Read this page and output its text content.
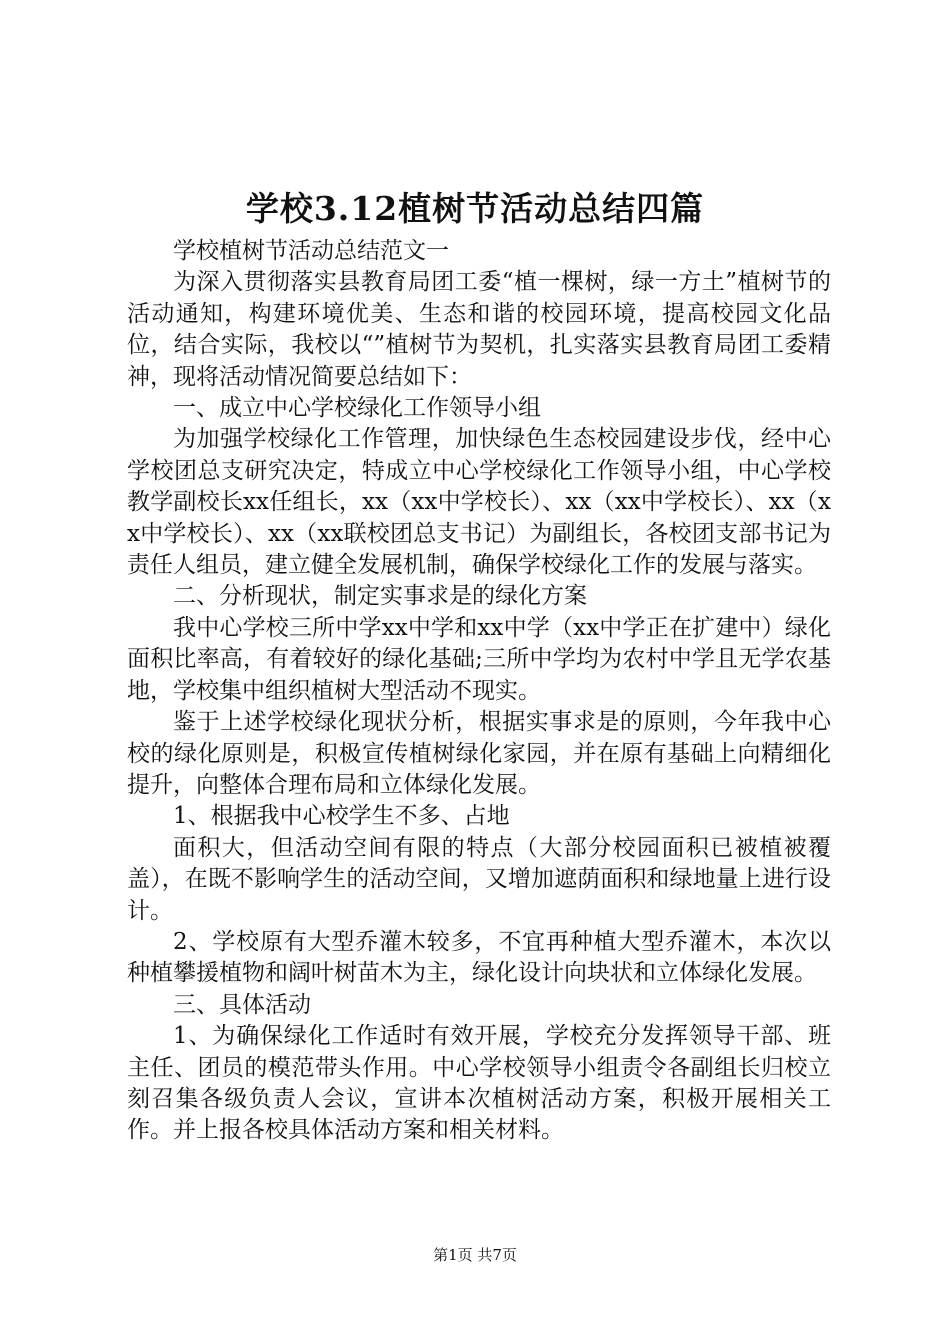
学校3.12植树节活动总结四篇

学校植树节活动总结范文一

为深入贯彻落实县教育局团工委“植一棵树，绿一方土”植树节的活动通知，构建环境优美、生态和谐的校园环境，提高校园文化品位，结合实际，我校以“”植树节为契机，扎实落实县教育局团工委精神，现将活动情况简要总结如下：

一、成立中心学校绿化工作领导小组

为加强学校绿化工作管理，加快绿色生态校园建设步伐，经中心学校团总支研究决定，特成立中心学校绿化工作领导小组，中心学校教学副校长xx任组长，xx（xx中学校长）、xx（xx中学校长）、xx（xx中学校长）、xx（xx联校团总支书记）为副组长，各校团支部书记为责任人组员，建立健全发展机制，确保学校绿化工作的发展与落实。

二、分析现状，制定实事求是的绿化方案

我中心学校三所中学xx中学和xx中学（xx中学正在扩建中）绿化面积比率高，有着较好的绿化基础;三所中学均为农村中学且无学农基地，学校集中组织植树大型活动不现实。

鉴于上述学校绿化现状分析，根据实事求是的原则，今年我中心校的绿化原则是，积极宣传植树绿化家园，并在原有基础上向精细化提升，向整体合理布局和立体绿化发展。

1、根据我中心校学生不多、占地

面积大，但活动空间有限的特点（大部分校园面积已被植被覆盖），在既不影响学生的活动空间，又增加遮荫面积和绿地量上进行设计。

2、学校原有大型乔灌木较多，不宜再种植大型乔灌木，本次以种植攀援植物和阔叶树苗木为主，绿化设计向块状和立体绿化发展。

三、具体活动

1、为确保绿化工作适时有效开展，学校充分发挥领导干部、班主任、团员的模范带头作用。中心学校领导小组责令各副组长归校立刻召集各级负责人会议，宣讲本次植树活动方案，积极开展相关工作。并上报各校具体活动方案和相关材料。

第1页 共7页
